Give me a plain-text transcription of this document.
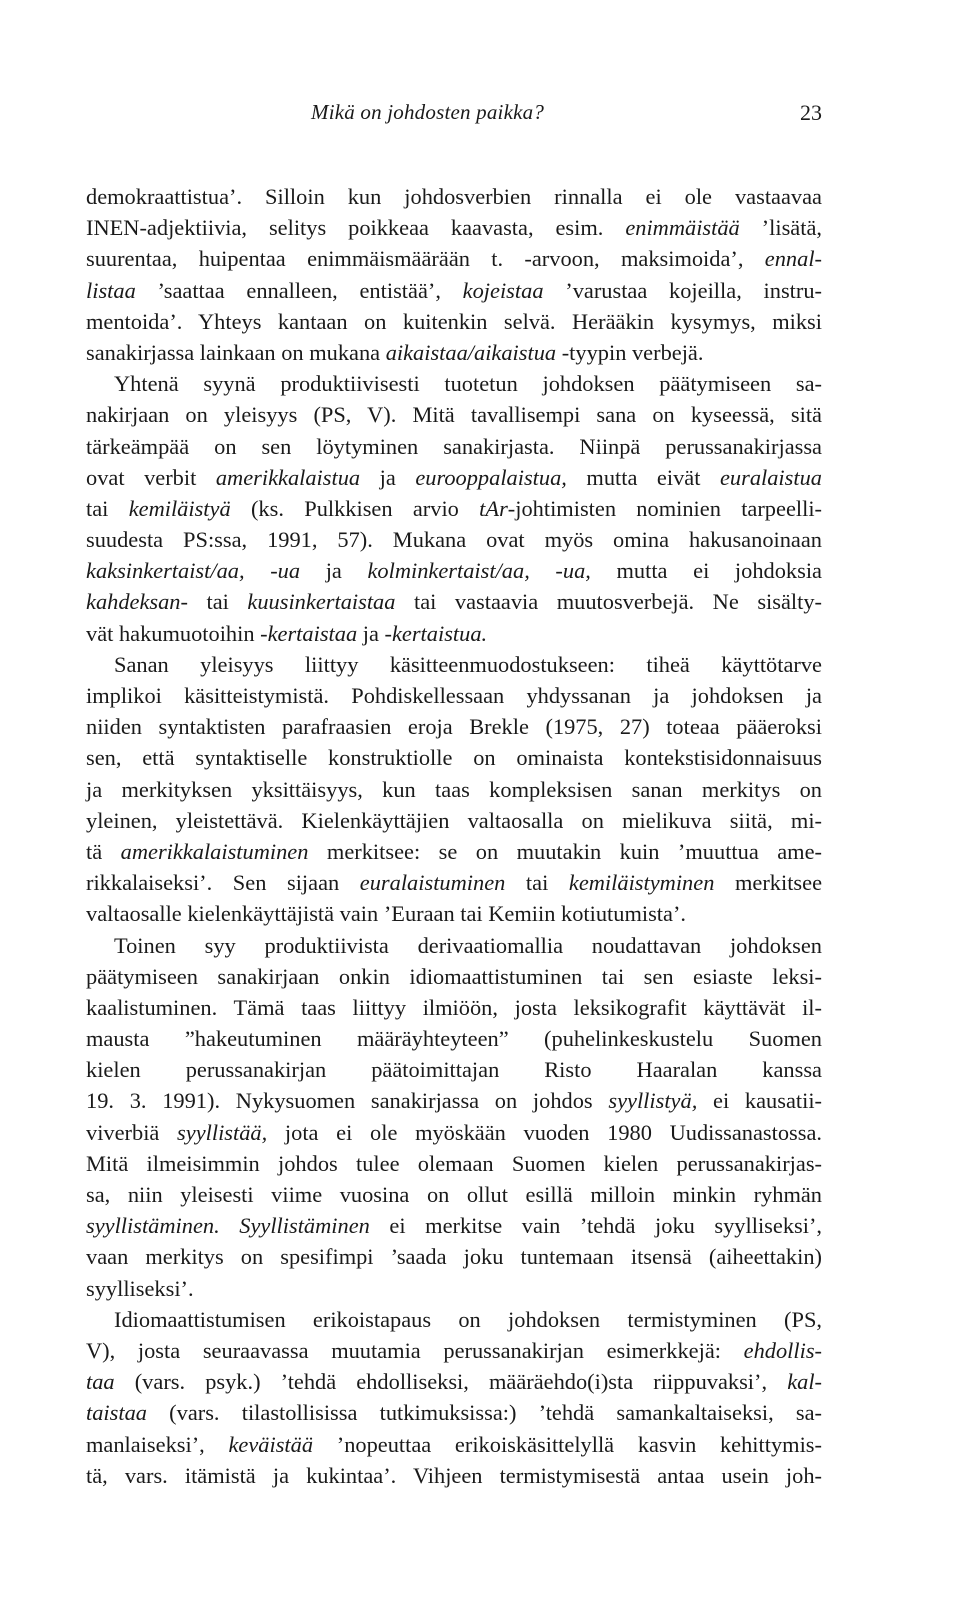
Mikä on johdosten paikka?	23
demokraattistua’. Silloin kun johdosverbien rinnalla ei ole vastaavaa
INEN-adjektiivia, selitys poikkeaa kaavasta, esim. enimmäistää ’lisätä,
suurentaa, huipentaa enimmäismäärään t. -arvoon, maksimoida’, ennal-
listaa ’saattaa ennalleen, entistää’, kojeistaa ’varustaa kojeilla, instru-
mentoida’. Yhteys kantaan on kuitenkin selvä. Herääkin kysymys, miksi
sanakirjassa lainkaan on mukana aikaistaa/aikaistua -tyypin verbejä.
Yhtenä syynä produktiivisesti tuotetun johdoksen päätymiseen sa-
nakirjaan on yleisyys (PS, V). Mitä tavallisempi sana on kyseessä, sitä
tärkeämpää on sen löytyminen sanakirjasta. Niinpä perussanakirjassa
ovat verbit amerikkalaistua ja eurooppalaistua, mutta eivät euralaistua
tai kemiläistyä (ks. Pulkkisen arvio tAr-johtimisten nominien tarpeelli-
suudesta PS:ssa, 1991, 57). Mukana ovat myös omina hakusanoinaan
kaksinkertaist/aa, -ua ja kolminkertaist/aa, -ua, mutta ei johdoksia
kahdeksan- tai kuusinkertaistaa tai vastaavia muutosverbejä. Ne sisälty-
vät hakumuotoihin -kertaistaa ja -kertaistua.
Sanan yleisyys liittyy käsitteenmuodostukseen: tiheä käyttötarve
implikoi käsitteistymistä. Pohdiskellessaan yhdyssanan ja johdoksen ja
niiden syntaktisten parafraasien eroja Brekle (1975, 27) toteaa pääeroksi
sen, että syntaktiselle konstruktiolle on ominaista kontekstisidonnaisuus
ja merkityksen yksittäisyys, kun taas kompleksisen sanan merkitys on
yleinen, yleistettävä. Kielenkäyttäjien valtaosalla on mielikuva siitä, mi-
tä amerikkalaistuminen merkitsee: se on muutakin kuin ’muuttua ame-
rikkalaiseksi’. Sen sijaan euralaistuminen tai kemiläistyminen merkitsee
valtaosalle kielenkäyttäjistä vain ’Euraan tai Kemiin kotiutumista’.
Toinen syy produktiivista derivaatiomallia noudattavan johdoksen
päätymiseen sanakirjaan onkin idiomaattistuminen tai sen esiaste leksi-
kaalistuminen. Tämä taas liittyy ilmiöön, josta leksikografit käyttävät il-
mausta ”hakeutuminen määräyhteyteen” (puhelinkeskustelu Suomen
kielen perussanakirjan päätoimittajan Risto Haaralan kanssa
19. 3. 1991). Nykysuomen sanakirjassa on johdos syyllistyä, ei kausatii-
viverbiä syyllistää, jota ei ole myöskään vuoden 1980 Uudissanastossa.
Mitä ilmeisimmin johdos tulee olemaan Suomen kielen perussanakirjas-
sa, niin yleisesti viime vuosina on ollut esillä milloin minkin ryhmän
syyllistäminen. Syyllistäminen ei merkitse vain ’tehdä joku syylliseksi’,
vaan merkitys on spesifimpi ’saada joku tuntemaan itsensä (aiheettakin)
syylliseksi’.
Idiomaattistumisen erikoistapaus on johdoksen termistyminen (PS,
V), josta seuraavassa muutamia perussanakirjan esimerkkejä: ehdollis-
taa (vars. psyk.) ’tehdä ehdolliseksi, määräehdo(i)sta riippuvaksi’, kal-
taistaa (vars. tilastollisissa tutkimuksissa:) ’tehdä samankaltaiseksi, sa-
manlaiseksi’, keväistää ’nopeuttaa erikoiskäsittelyllä kasvin kehittymis-
tä, vars. itämistä ja kukintaa’. Vihjeen termistymisestä antaa usein joh-
